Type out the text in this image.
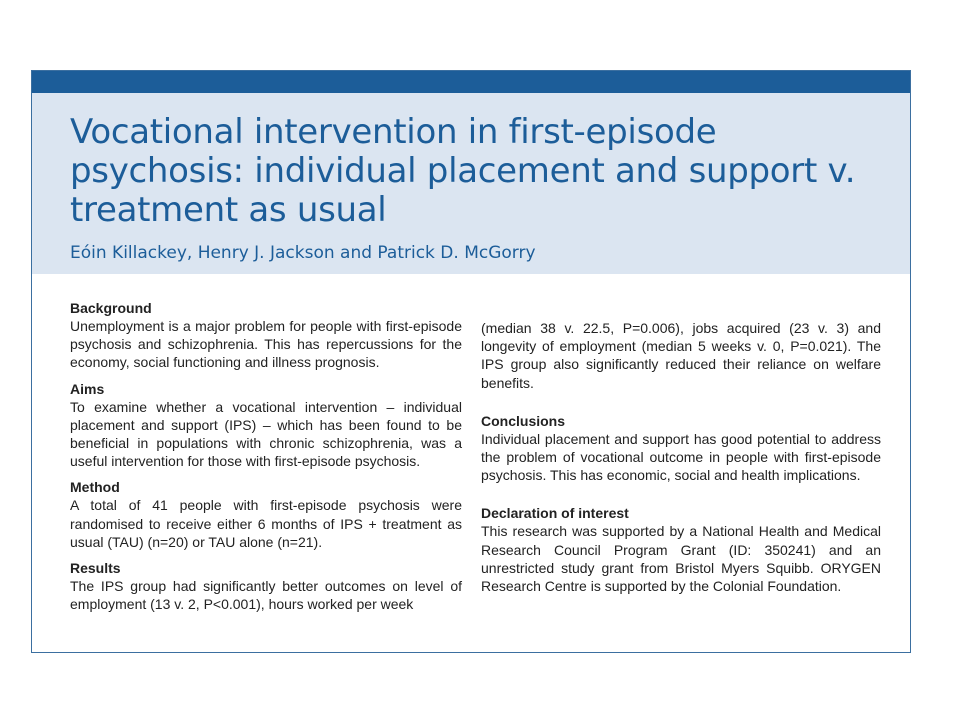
Vocational intervention in first-episode psychosis: individual placement and support v. treatment as usual

Eóin Killackey, Henry J. Jackson and Patrick D. McGorry

Background

Unemployment is a major problem for people with first-episode psychosis and schizophrenia. This has repercussions for the economy, social functioning and illness prognosis.

Aims

To examine whether a vocational intervention – individual placement and support (IPS) – which has been found to be beneficial in populations with chronic schizophrenia, was a useful intervention for those with first-episode psychosis.

Method

A total of 41 people with first-episode psychosis were randomised to receive either 6 months of IPS + treatment as usual (TAU) (n=20) or TAU alone (n=21).

Results

The IPS group had significantly better outcomes on level of employment (13 v. 2, P<0.001), hours worked per week

(median 38 v. 22.5, P=0.006), jobs acquired (23 v. 3) and longevity of employment (median 5 weeks v. 0, P=0.021). The IPS group also significantly reduced their reliance on welfare benefits.

Conclusions

Individual placement and support has good potential to address the problem of vocational outcome in people with first-episode psychosis. This has economic, social and health implications.

Declaration of interest

This research was supported by a National Health and Medical Research Council Program Grant (ID: 350241) and an unrestricted study grant from Bristol Myers Squibb. ORYGEN Research Centre is supported by the Colonial Foundation.
